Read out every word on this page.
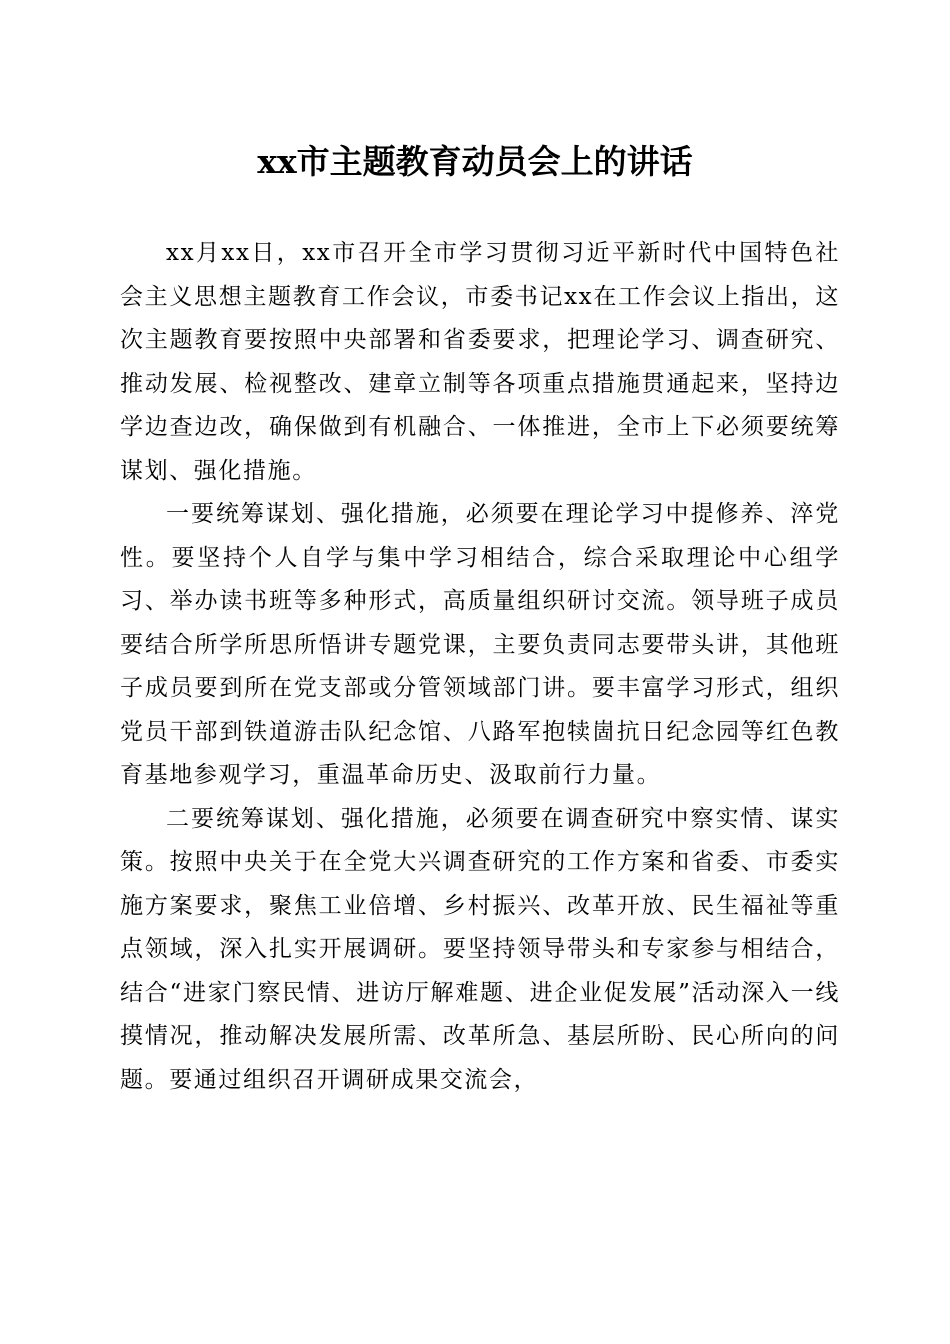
xx市主题教育动员会上的讲话

xx月xx日，xx市召开全市学习贯彻习近平新时代中国特色社会主义思想主题教育工作会议，市委书记xx在工作会议上指出，这次主题教育要按照中央部署和省委要求，把理论学习、调查研究、推动发展、检视整改、建章立制等各项重点措施贯通起来，坚持边学边查边改，确保做到有机融合、一体推进，全市上下必须要统筹谋划、强化措施。

一要统筹谋划、强化措施，必须要在理论学习中提修养、淬党性。要坚持个人自学与集中学习相结合，综合采取理论中心组学习、举办读书班等多种形式，高质量组织研讨交流。领导班子成员要结合所学所思所悟讲专题党课，主要负责同志要带头讲，其他班子成员要到所在党支部或分管领域部门讲。要丰富学习形式，组织党员干部到铁道游击队纪念馆、八路军抱犊崮抗日纪念园等红色教育基地参观学习，重温革命历史、汲取前行力量。

二要统筹谋划、强化措施，必须要在调查研究中察实情、谋实策。按照中央关于在全党大兴调查研究的工作方案和省委、市委实施方案要求，聚焦工业倍增、乡村振兴、改革开放、民生福祉等重点领域，深入扎实开展调研。要坚持领导带头和专家参与相结合，结合“进家门察民情、进访厅解难题、进企业促发展”活动深入一线摸情况，推动解决发展所需、改革所急、基层所盼、民心所向的问题。要通过组织召开调研成果交流会，
